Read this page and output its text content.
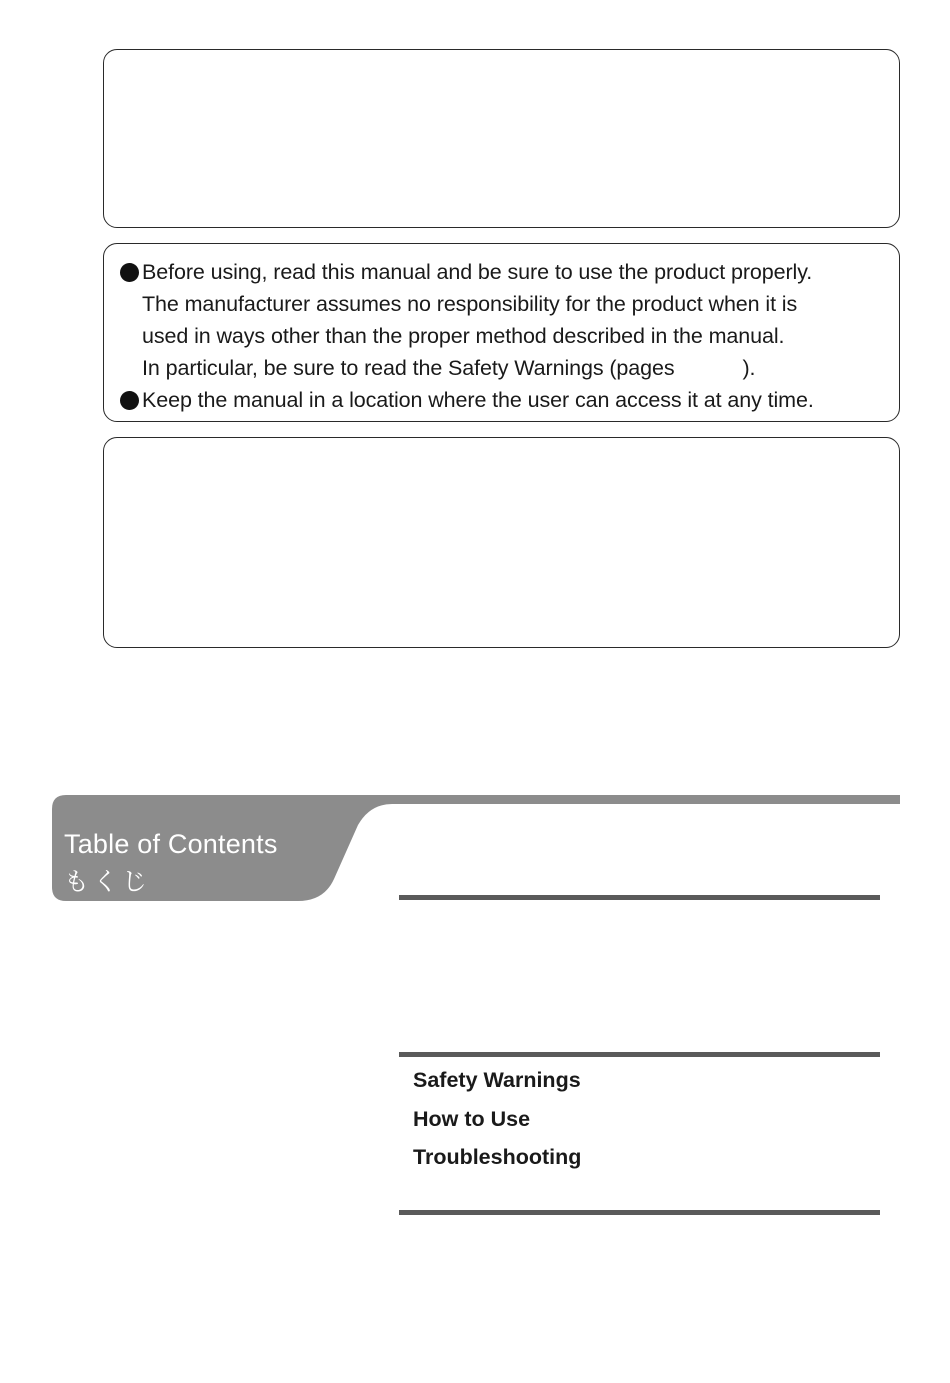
Before using, read this manual and be sure to use the product properly.
The manufacturer assumes no responsibility for the product when it is
used in ways other than the proper method described in the manual.
In particular, be sure to read the Safety Warnings (pages	).
Keep the manual in a location where the user can access it at any time.
Table of Contents
もくじ
Safety Warnings
How to Use
Troubleshooting
